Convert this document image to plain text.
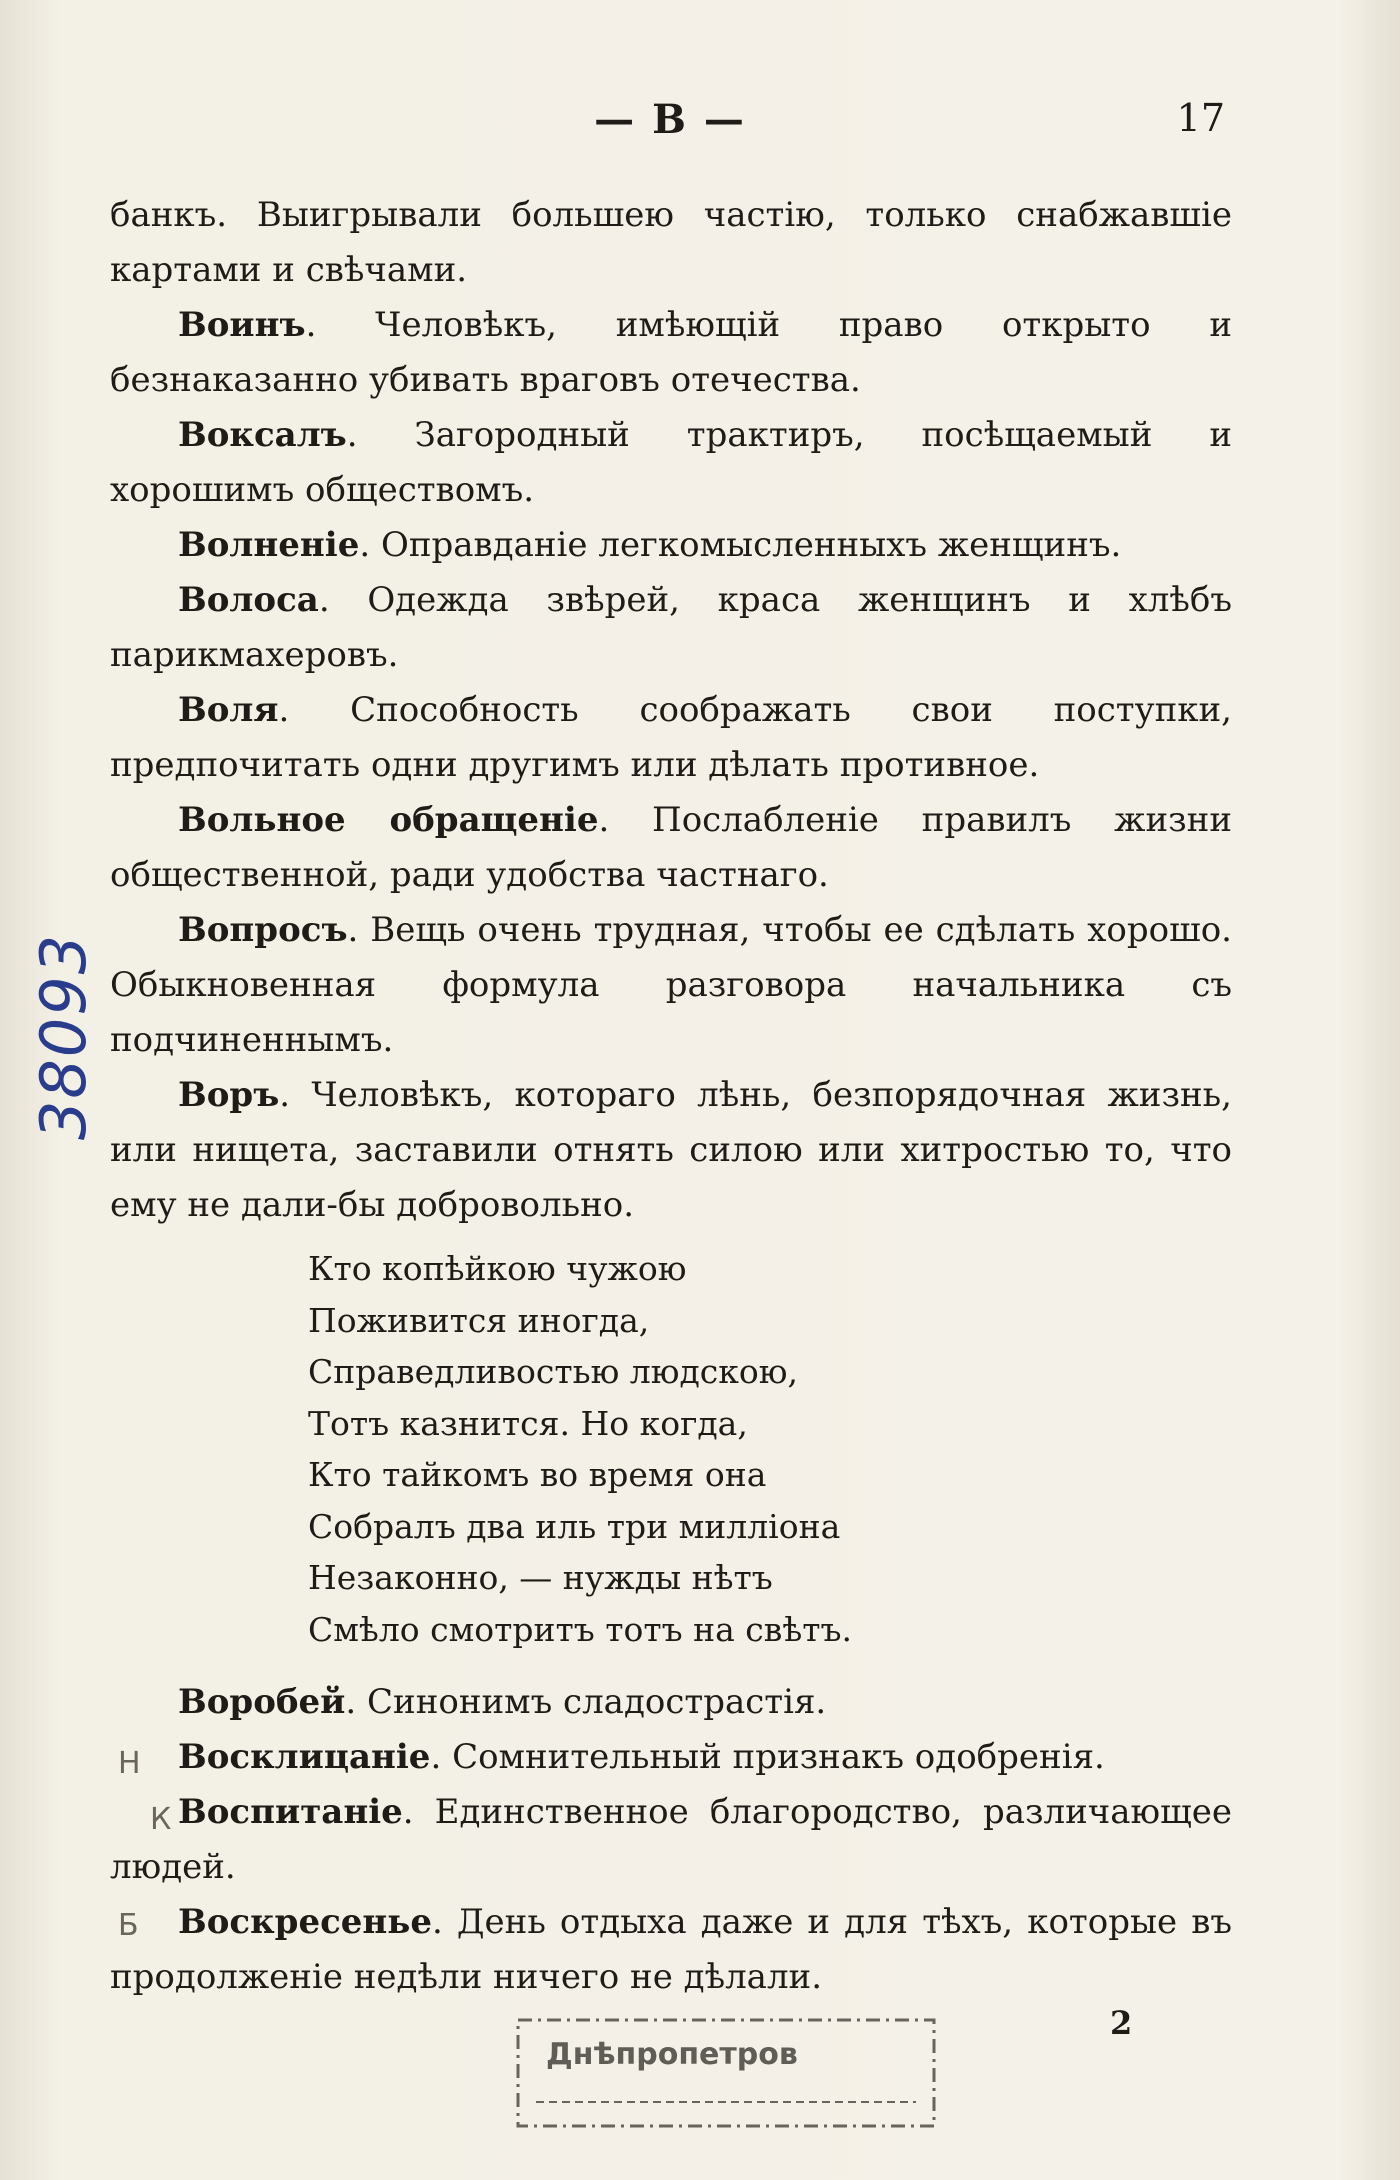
— В —	17
38093

банкъ. Выигрывали большею частію, только снабжавшіе картами и свѣчами.

Воинъ. Человѣкъ, имѣющій право открыто и безнаказанно убивать враговъ отечества.

Воксалъ. Загородный трактиръ, посѣщаемый и хорошимъ обществомъ.

Волненіе. Оправданіе легкомысленныхъ женщинъ.

Волоса. Одежда звѣрей, краса женщинъ и хлѣбъ парикмахеровъ.

Воля. Способность соображать свои поступки, предпочитать одни другимъ или дѣлать противное.

Вольное обращеніе. Послабленіе правилъ жизни общественной, ради удобства частнаго.

Вопросъ. Вещь очень трудная, чтобы ее сдѣлать хорошо. Обыкновенная формула разговора начальника съ подчиненнымъ.

Воръ. Человѣкъ, котораго лѣнь, безпорядочная жизнь, или нищета, заставили отнять силою или хитростью то, что ему не дали-бы добровольно.

Кто копѣйкою чужою
Поживится иногда,
Справедливостью людскою,
Тотъ казнится. Но когда,
Кто тайкомъ во время она
Собралъ два иль три милліона
Незаконно, — нужды нѣтъ
Смѣло смотритъ тотъ на свѣтъ.

Воробей. Синонимъ сладострастія.

Восклицаніе. Сомнительный признакъ одобренія.

Воспитаніе. Единственное благородство, различающее людей.

Воскресенье. День отдыха даже и для тѣхъ, которые въ продолженіе недѣли ничего не дѣлали.

Н
К
Б
2
Днѣпропетров
